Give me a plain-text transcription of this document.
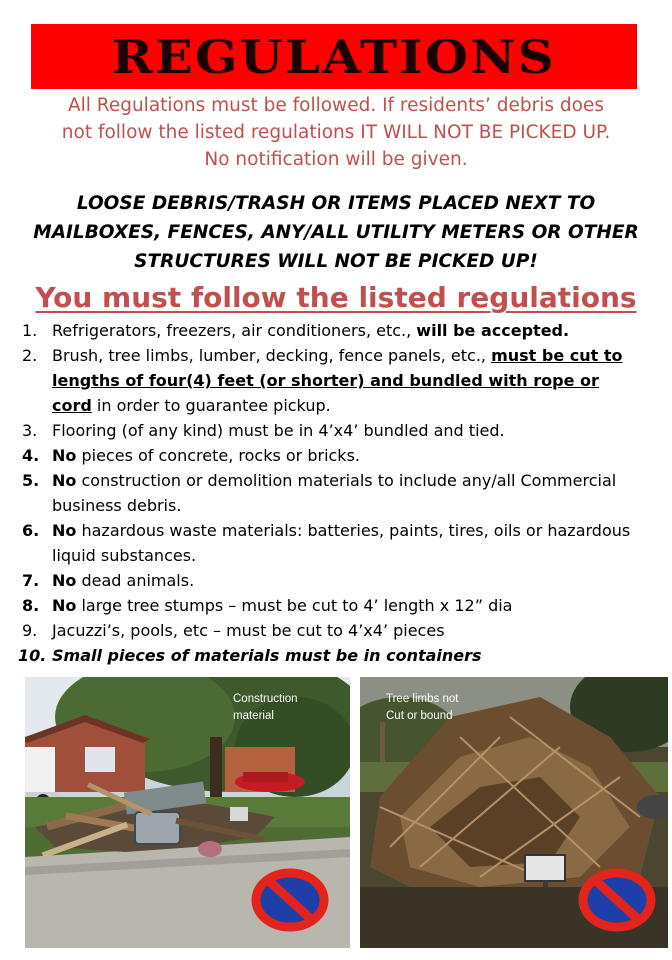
REGULATIONS
All Regulations must be followed. If residents’ debris does
not follow the listed regulations IT WILL NOT BE PICKED UP.
No notification will be given.
LOOSE DEBRIS/TRASH OR ITEMS PLACED NEXT TO
MAILBOXES, FENCES, ANY/ALL UTILITY METERS OR OTHER
STRUCTURES WILL NOT BE PICKED UP!
You must follow the listed regulations
1. Refrigerators, freezers, air conditioners, etc., will be accepted.
2. Brush, tree limbs, lumber, decking, fence panels, etc., must be cut to lengths of four(4) feet (or shorter) and bundled with rope or cord in order to guarantee pickup.
3. Flooring (of any kind) must be in 4’x4’ bundled and tied.
4. No pieces of concrete, rocks or bricks.
5. No construction or demolition materials to include any/all Commercial business debris.
6. No hazardous waste materials: batteries, paints, tires, oils or hazardous liquid substances.
7. No dead animals.
8. No large tree stumps – must be cut to 4’ length x 12” dia
9. Jacuzzi’s, pools, etc – must be cut to 4’x4’ pieces
10. Small pieces of materials must be in containers
Construction
material
Tree limbs not
Cut or bound
